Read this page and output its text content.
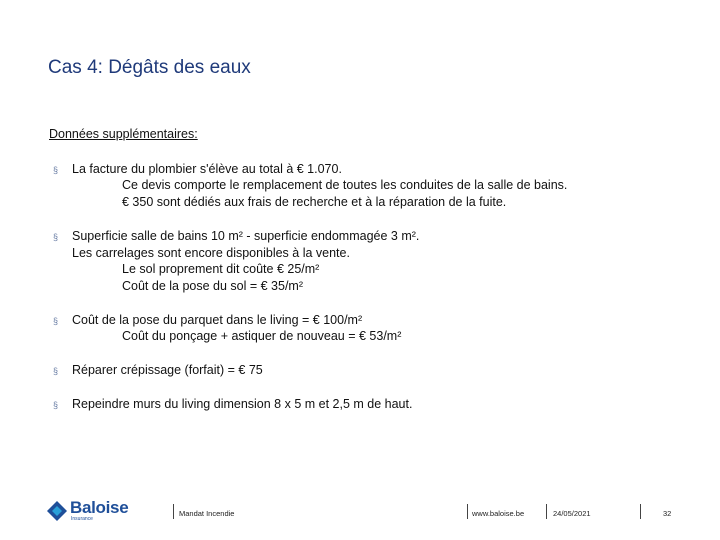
Cas 4: Dégâts des eaux
Données supplémentaires:
§ La facture du plombier s'élève au total à € 1.070.
Ce devis comporte le remplacement de toutes les conduites de la salle de bains.
€ 350 sont dédiés aux frais de recherche et à la réparation de la fuite.
§ Superficie salle de bains 10 m² - superficie endommagée 3 m².
Les carrelages sont encore disponibles à la vente.
Le sol proprement dit coûte € 25/m²
Coût de la pose du sol = € 35/m²
§ Coût de la pose du parquet dans le living = € 100/m²
Coût du ponçage + astiquer de nouveau = € 53/m²
§ Réparer crépissage (forfait) = € 75
§ Repeindre murs du living dimension 8 x 5 m et 2,5 m de haut.
Baloise
Insurance
Mandat Incendie	www.baloise.be	24/05/2021	32
